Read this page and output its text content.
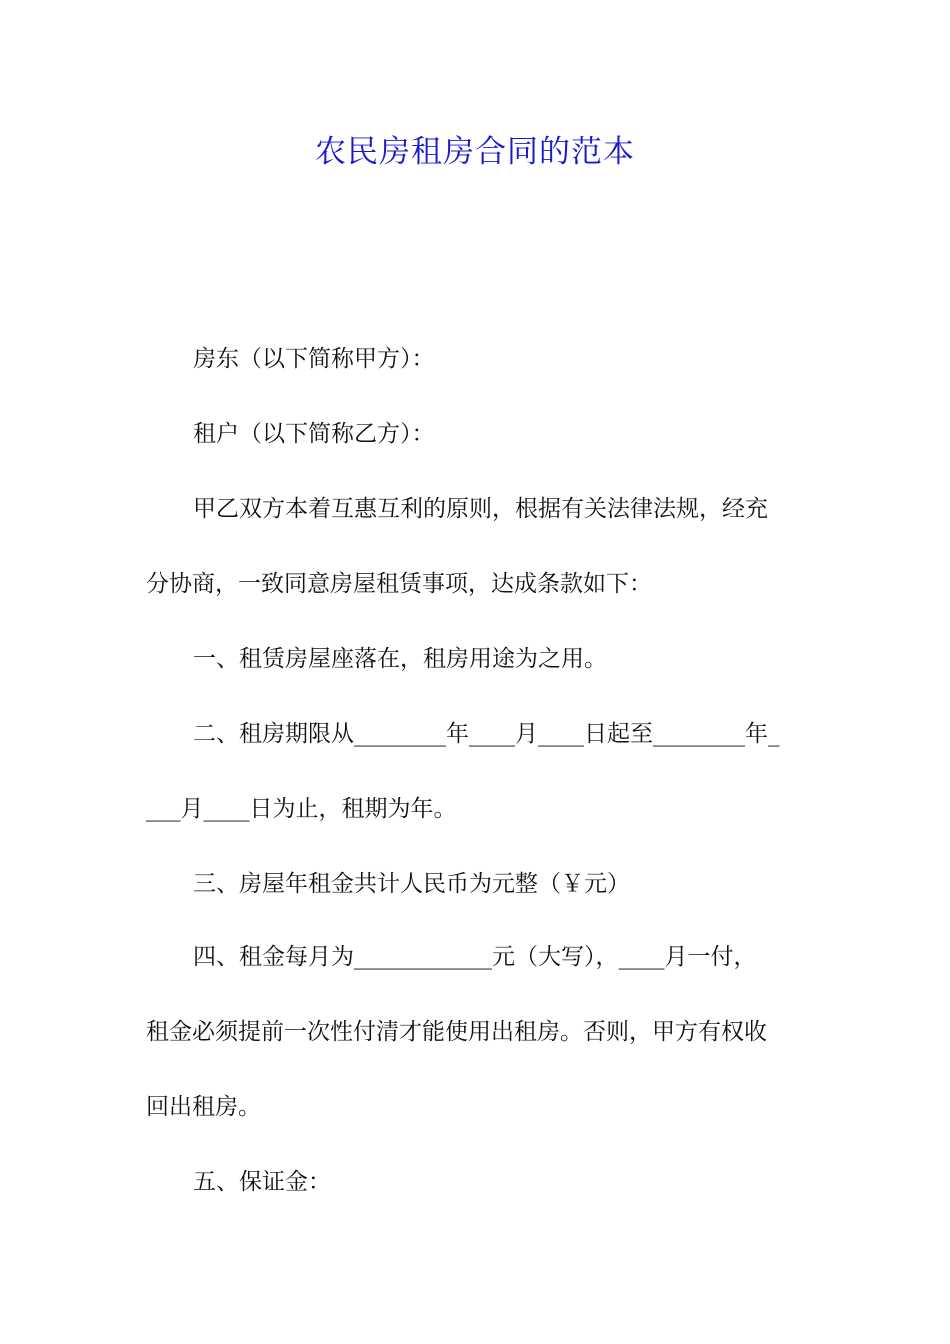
农民房租房合同的范本

房东（以下简称甲方）：

租户（以下简称乙方）：

甲乙双方本着互惠互利的原则，根据有关法律法规，经充

分协商，一致同意房屋租赁事项，达成条款如下：

一、租赁房屋座落在，租房用途为之用。

二、租房期限从________年____月____日起至________年_

___月____日为止，租期为年。

三、房屋年租金共计人民币为元整（￥元）

四、租金每月为____________元（大写），____月一付，

租金必须提前一次性付清才能使用出租房。否则，甲方有权收

回出租房。

五、保证金：
